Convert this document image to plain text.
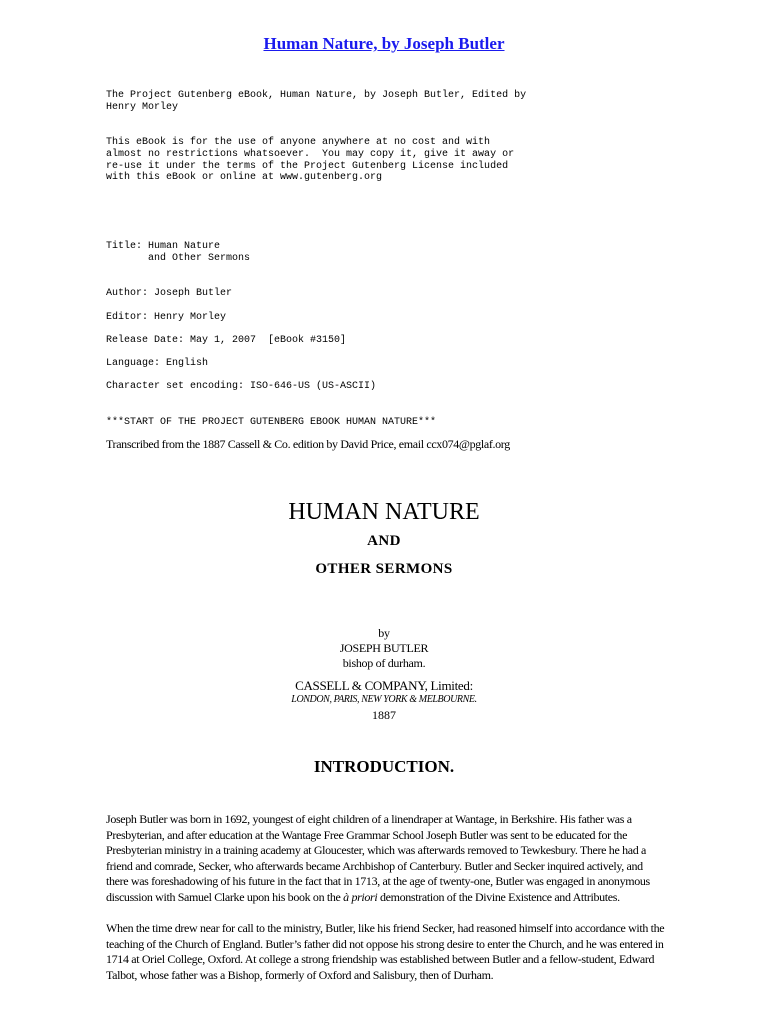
Human Nature, by Joseph Butler
The Project Gutenberg eBook, Human Nature, by Joseph Butler, Edited by
Henry Morley
This eBook is for the use of anyone anywhere at no cost and with
almost no restrictions whatsoever.  You may copy it, give it away or
re-use it under the terms of the Project Gutenberg License included
with this eBook or online at www.gutenberg.org
Title: Human Nature
and Other Sermons
Author: Joseph Butler
Editor: Henry Morley
Release Date: May 1, 2007  [eBook #3150]
Language: English
Character set encoding: ISO-646-US (US-ASCII)
***START OF THE PROJECT GUTENBERG EBOOK HUMAN NATURE***
Transcribed from the 1887 Cassell & Co. edition by David Price, email ccx074@pglaf.org
HUMAN NATURE
AND
OTHER SERMONS
by
JOSEPH BUTLER
bishop of durham.
CASSELL & COMPANY, Limited:
LONDON, PARIS, NEW YORK & MELBOURNE.
1887
INTRODUCTION.

Joseph Butler was born in 1692, youngest of eight children of a linendraper at Wantage, in Berkshire. His father was a Presbyterian, and after education at the Wantage Free Grammar School Joseph Butler was sent to be educated for the Presbyterian ministry in a training academy at Gloucester, which was afterwards removed to Tewkesbury. There he had a friend and comrade, Secker, who afterwards became Archbishop of Canterbury. Butler and Secker inquired actively, and there was foreshadowing of his future in the fact that in 1713, at the age of twenty-one, Butler was engaged in anonymous discussion with Samuel Clarke upon his book on the à priori demonstration of the Divine Existence and Attributes.

When the time drew near for call to the ministry, Butler, like his friend Secker, had reasoned himself into accordance with the teaching of the Church of England. Butler’s father did not oppose his strong desire to enter the Church, and he was entered in 1714 at Oriel College, Oxford. At college a strong friendship was established between Butler and a fellow-student, Edward Talbot, whose father was a Bishop, formerly of Oxford and Salisbury, then of Durham.
